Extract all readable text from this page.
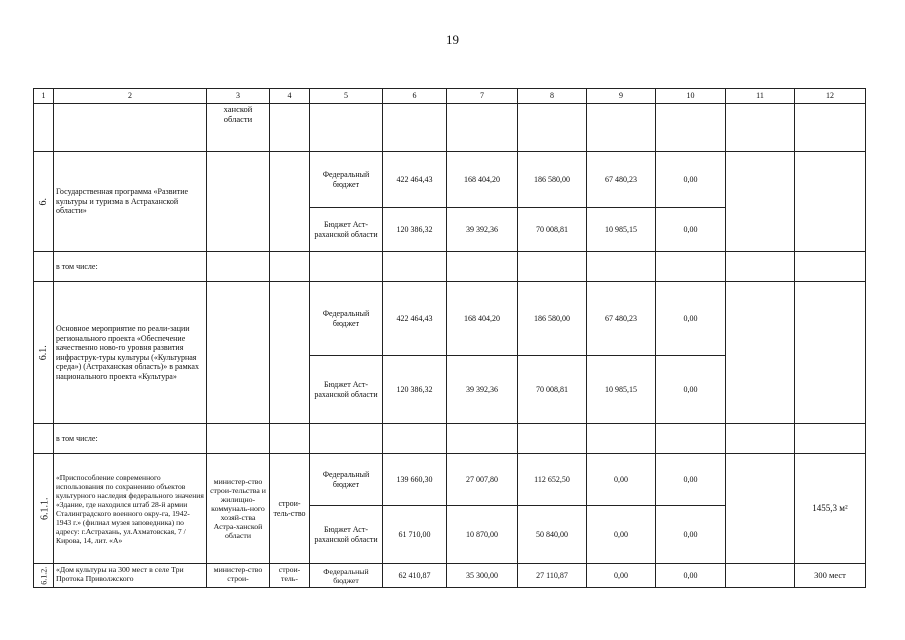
19
1	2	3	4	5	6	7	8	9	10	11	12
		ханской
области									
6.	Государственная программа «Развитие культуры и туризма в Астраханской области»			Федеральный бюджет	422 464,43	168 404,20	186 580,00	67 480,23	0,00		
				Бюджет Аст-раханской области	120 386,32	39 392,36	70 008,81	10 985,15	0,00		
	в том числе:										
6.1.	Основное мероприятие по реали-зации регионального проекта «Обеспечение качественно ново-го уровня развития инфраструк-туры культуры («Культурная среда») (Астраханская область)» в рамках национального проекта «Культура»			Федеральный бюджет	422 464,43	168 404,20	186 580,00	67 480,23	0,00		
				Бюджет Аст-раханской области	120 386,32	39 392,36	70 008,81	10 985,15	0,00		
	в том числе:										
6.1.1.	«Приспособление современного использования по сохранению объектов культурного наследия федерального значения «Здание, где находился штаб 28-й армии Сталинградского военного окру-га, 1942-1943 г.» (филиал музея заповедника) по адресу: г.Астрахань, ул.Ахматовская, 7 / Кирова, 14, лит. «А»	министер-ство строи-тельства и жилищно-коммуналь-ного хозяй-ства Астра-ханской области	строи-тель-ство	Федеральный бюджет	139 660,30	27 007,80	112 652,50	0,00	0,00		1455,3 м²
				Бюджет Аст-раханской области	61 710,00	10 870,00	50 840,00	0,00	0,00		
6.1.2.	«Дом культуры на 300 мест в селе Три Протока Приволжского	министер-ство строи-	строи-тель-	Федеральный бюджет	62 410,87	35 300,00	27 110,87	0,00	0,00		300 мест
